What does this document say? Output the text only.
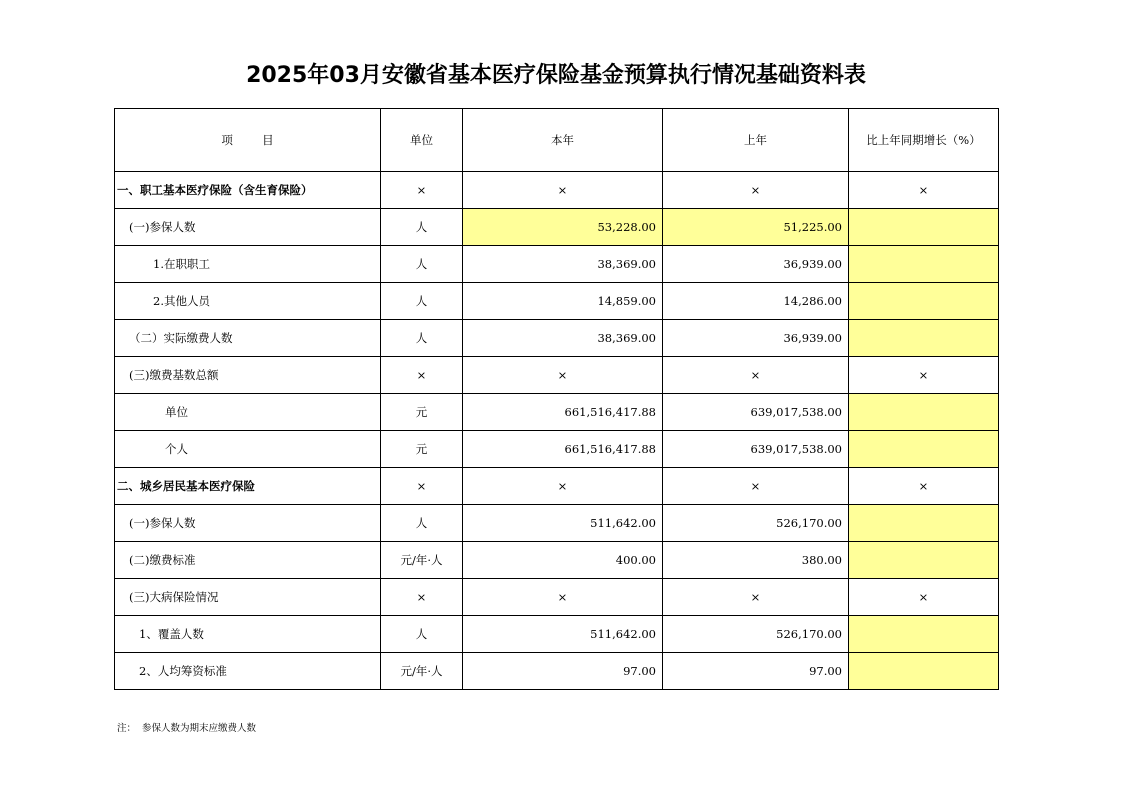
2025年03月安徽省基本医疗保险基金预算执行情况基础资料表
项        目	单位	本年	上年	比上年同期增长（%）
一、职工基本医疗保险（含生育保险）	×	×	×	×
(一)参保人数	人	53,228.00	51,225.00	
1.在职职工	人	38,369.00	36,939.00	
2.其他人员	人	14,859.00	14,286.00	
（二）实际缴费人数	人	38,369.00	36,939.00	
(三)缴费基数总额	×	×	×	×
单位	元	661,516,417.88	639,017,538.00	
个人	元	661,516,417.88	639,017,538.00	
二、城乡居民基本医疗保险	×	×	×	×
(一)参保人数	人	511,642.00	526,170.00	
(二)缴费标准	元/年·人	400.00	380.00	
(三)大病保险情况	×	×	×	×
1、覆盖人数	人	511,642.00	526,170.00	
2、人均筹资标准	元/年·人	97.00	97.00	
注：  参保人数为期末应缴费人数
